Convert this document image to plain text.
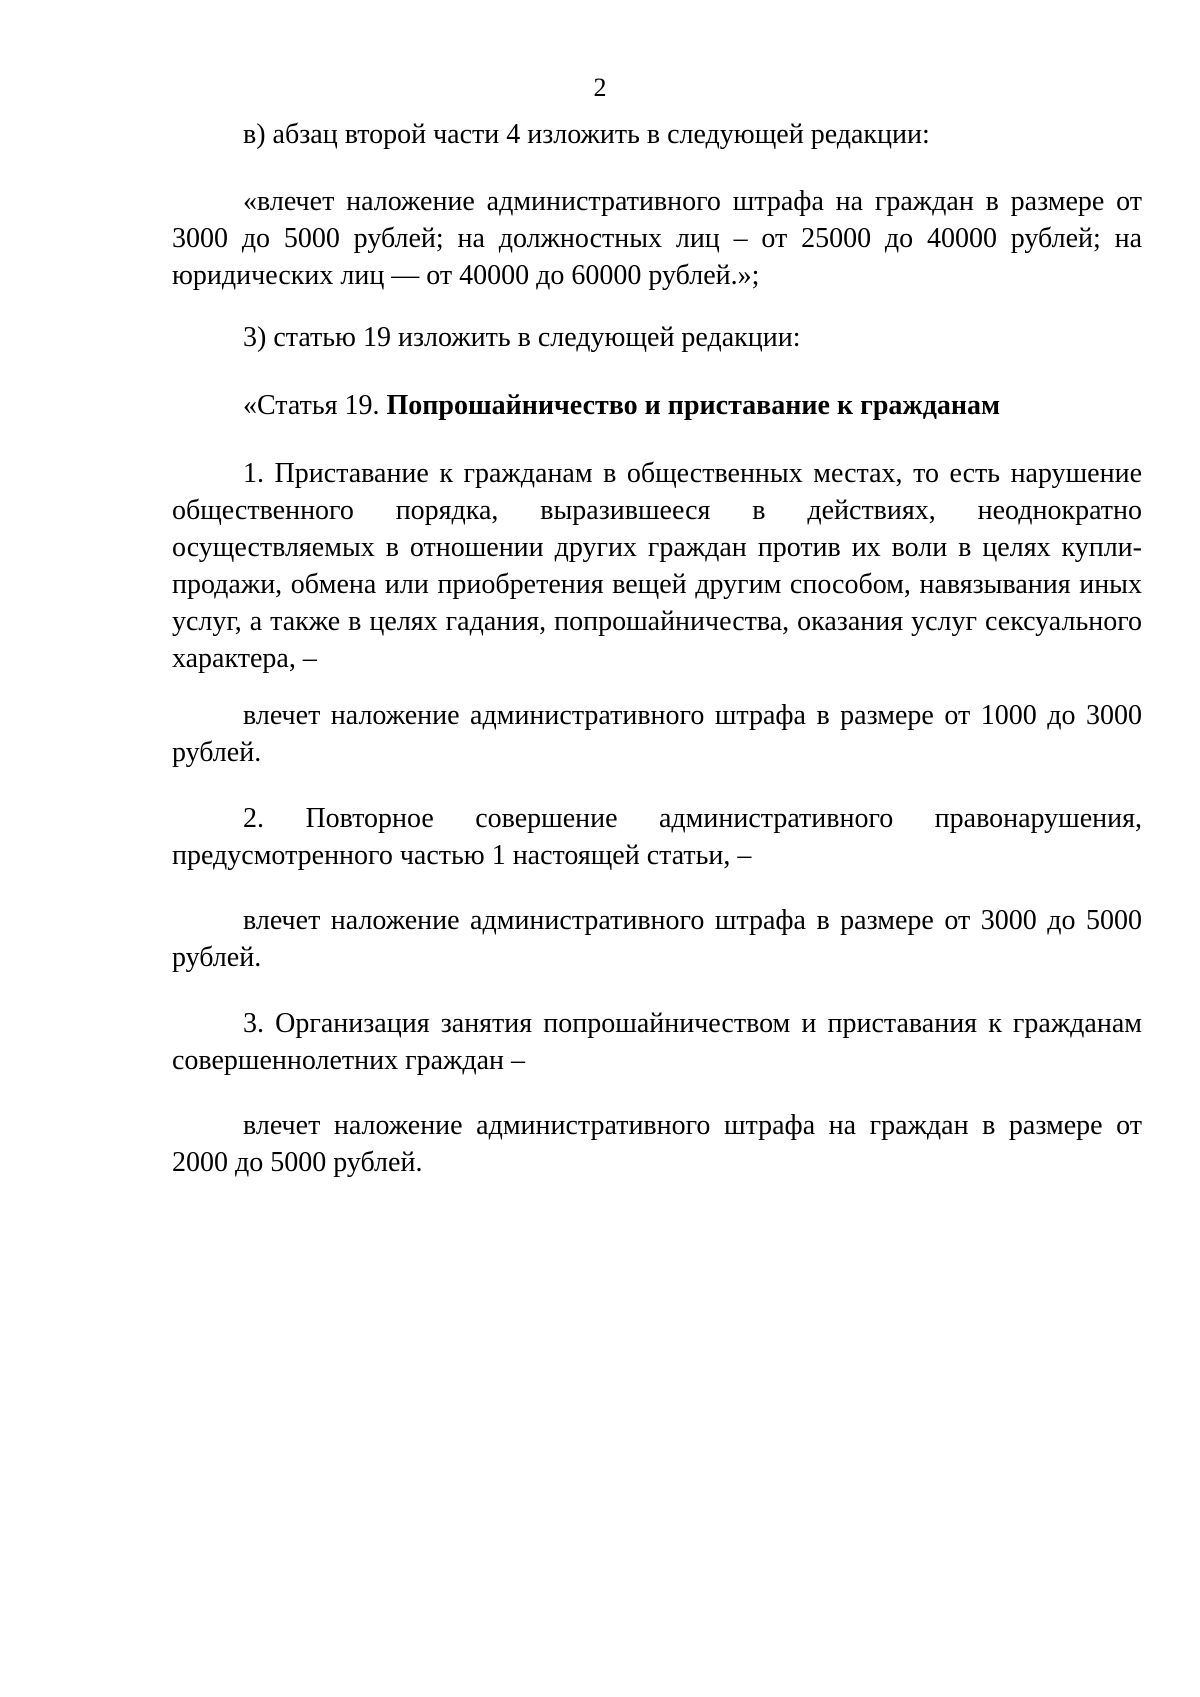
2

в) абзац второй части 4 изложить в следующей редакции:

«влечет наложение административного штрафа на граждан в размере от 3000 до 5000 рублей; на должностных лиц – от 25000 до 40000 рублей; на юридических лиц — от 40000 до 60000 рублей.»;

3) статью 19 изложить в следующей редакции:

«Статья 19. Попрошайничество и приставание к гражданам

1. Приставание к гражданам в общественных местах, то есть нарушение общественного порядка, выразившееся в действиях, неоднократно осуществляемых в отношении других граждан против их воли в целях купли-продажи, обмена или приобретения вещей другим способом, навязывания иных услуг, а также в целях гадания, попрошайничества, оказания услуг сексуального характера, –

влечет наложение административного штрафа в размере от 1000 до 3000 рублей.

2. Повторное совершение административного правонарушения, предусмотренного частью 1 настоящей статьи, –

влечет наложение административного штрафа в размере от 3000 до 5000 рублей.

3. Организация занятия попрошайничеством и приставания к гражданам совершеннолетних граждан –

влечет наложение административного штрафа на граждан в размере от 2000 до 5000 рублей.
